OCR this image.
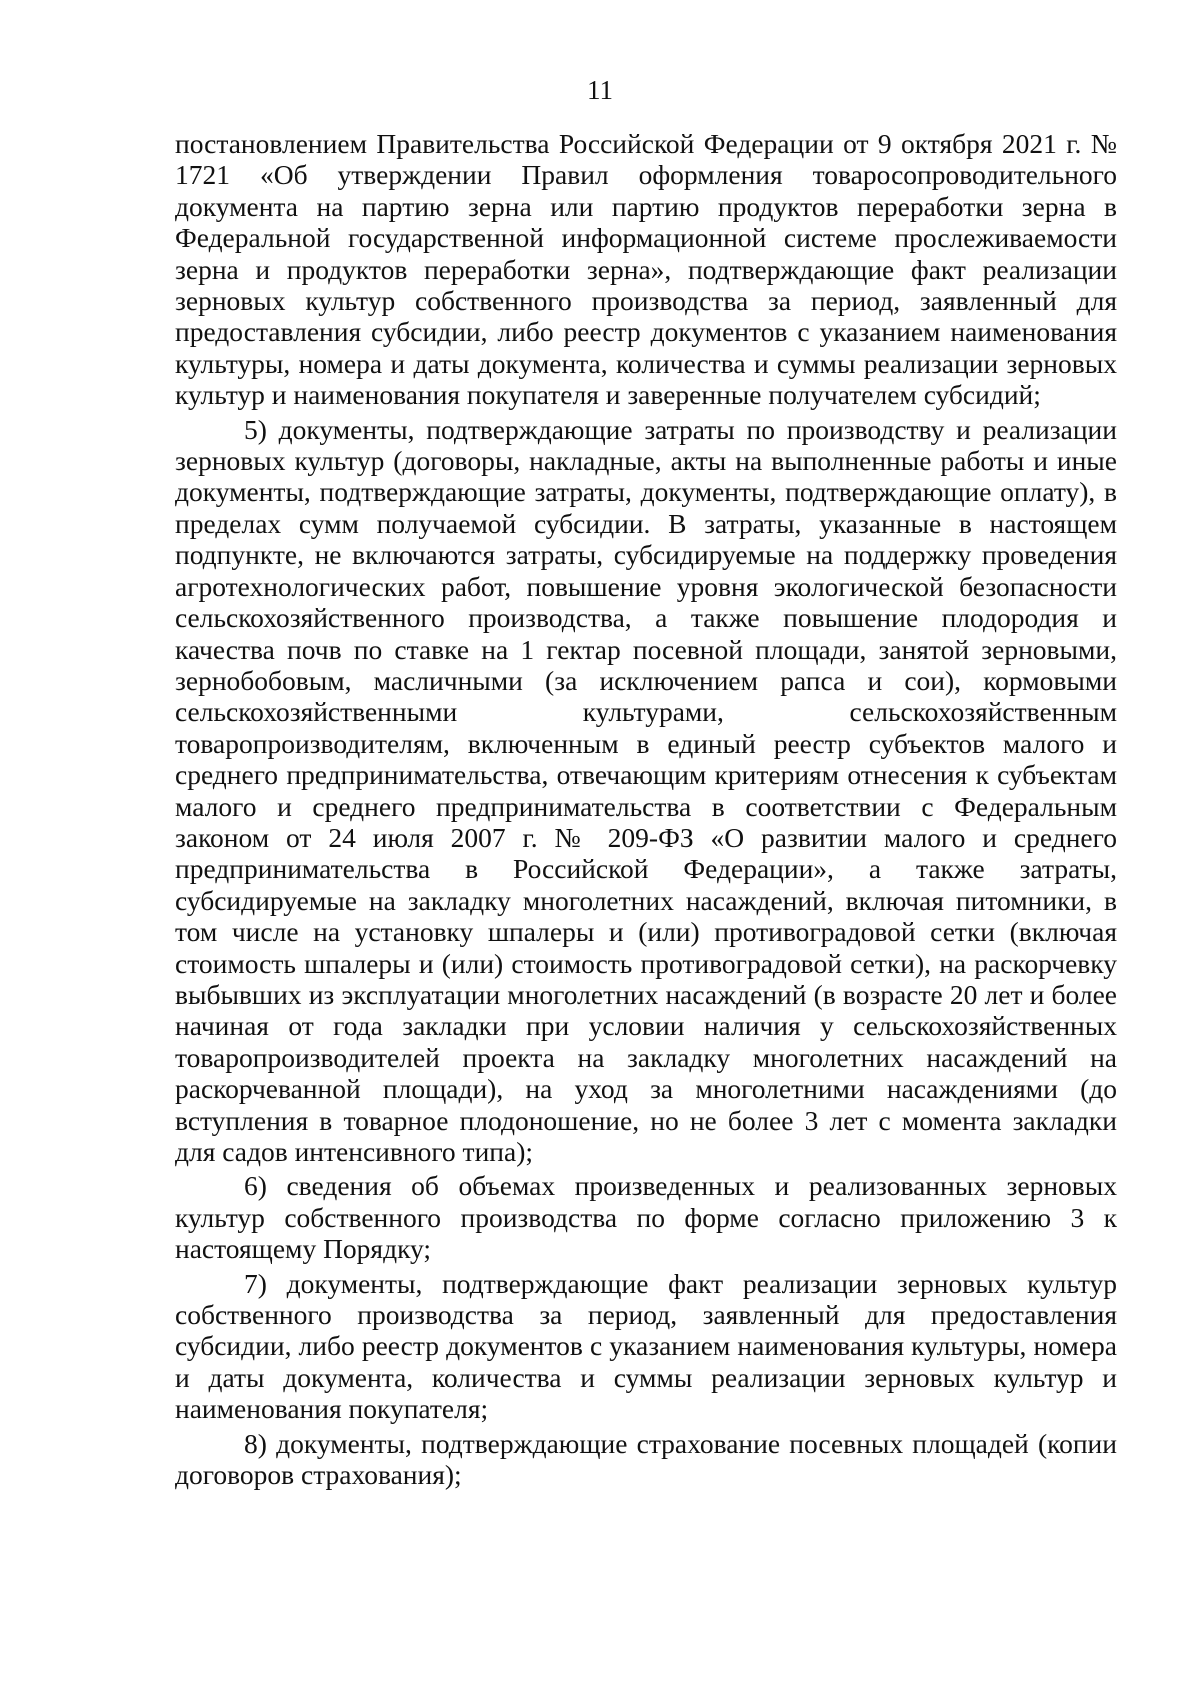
11

постановлением Правительства Российской Федерации от 9 октября 2021 г. № 1721 «Об утверждении Правил оформления товаросопроводительного документа на партию зерна или партию продуктов переработки зерна в Федеральной государственной информационной системе прослеживаемости зерна и продуктов переработки зерна», подтверждающие факт реализации зерновых культур собственного производства за период, заявленный для предоставления субсидии, либо реестр документов с указанием наименования культуры, номера и даты документа, количества и суммы реализации зерновых культур и наименования покупателя и заверенные получателем субсидий;

5) документы, подтверждающие затраты по производству и реализации зерновых культур (договоры, накладные, акты на выполненные работы и иные документы, подтверждающие затраты, документы, подтверждающие оплату), в пределах сумм получаемой субсидии. В затраты, указанные в настоящем подпункте, не включаются затраты, субсидируемые на поддержку проведения агротехнологических работ, повышение уровня экологической безопасности сельскохозяйственного производства, а также повышение плодородия и качества почв по ставке на 1 гектар посевной площади, занятой зерновыми, зернобобовым, масличными (за исключением рапса и сои), кормовыми сельскохозяйственными культурами, сельскохозяйственным товаропроизводителям, включенным в единый реестр субъектов малого и среднего предпринимательства, отвечающим критериям отнесения к субъектам малого и среднего предпринимательства в соответствии с Федеральным законом от 24 июля 2007 г. № 209-ФЗ «О развитии малого и среднего предпринимательства в Российской Федерации», а также затраты, субсидируемые на закладку многолетних насаждений, включая питомники, в том числе на установку шпалеры и (или) противоградовой сетки (включая стоимость шпалеры и (или) стоимость противоградовой сетки), на раскорчевку выбывших из эксплуатации многолетних насаждений (в возрасте 20 лет и более начиная от года закладки при условии наличия у сельскохозяйственных товаропроизводителей проекта на закладку многолетних насаждений на раскорчеванной площади), на уход за многолетними насаждениями (до вступления в товарное плодоношение, но не более 3 лет с момента закладки для садов интенсивного типа);

6) сведения об объемах произведенных и реализованных зерновых культур собственного производства по форме согласно приложению 3 к настоящему Порядку;

7) документы, подтверждающие факт реализации зерновых культур собственного производства за период, заявленный для предоставления субсидии, либо реестр документов с указанием наименования культуры, номера и даты документа, количества и суммы реализации зерновых культур и наименования покупателя;

8) документы, подтверждающие страхование посевных площадей (копии договоров страхования);
